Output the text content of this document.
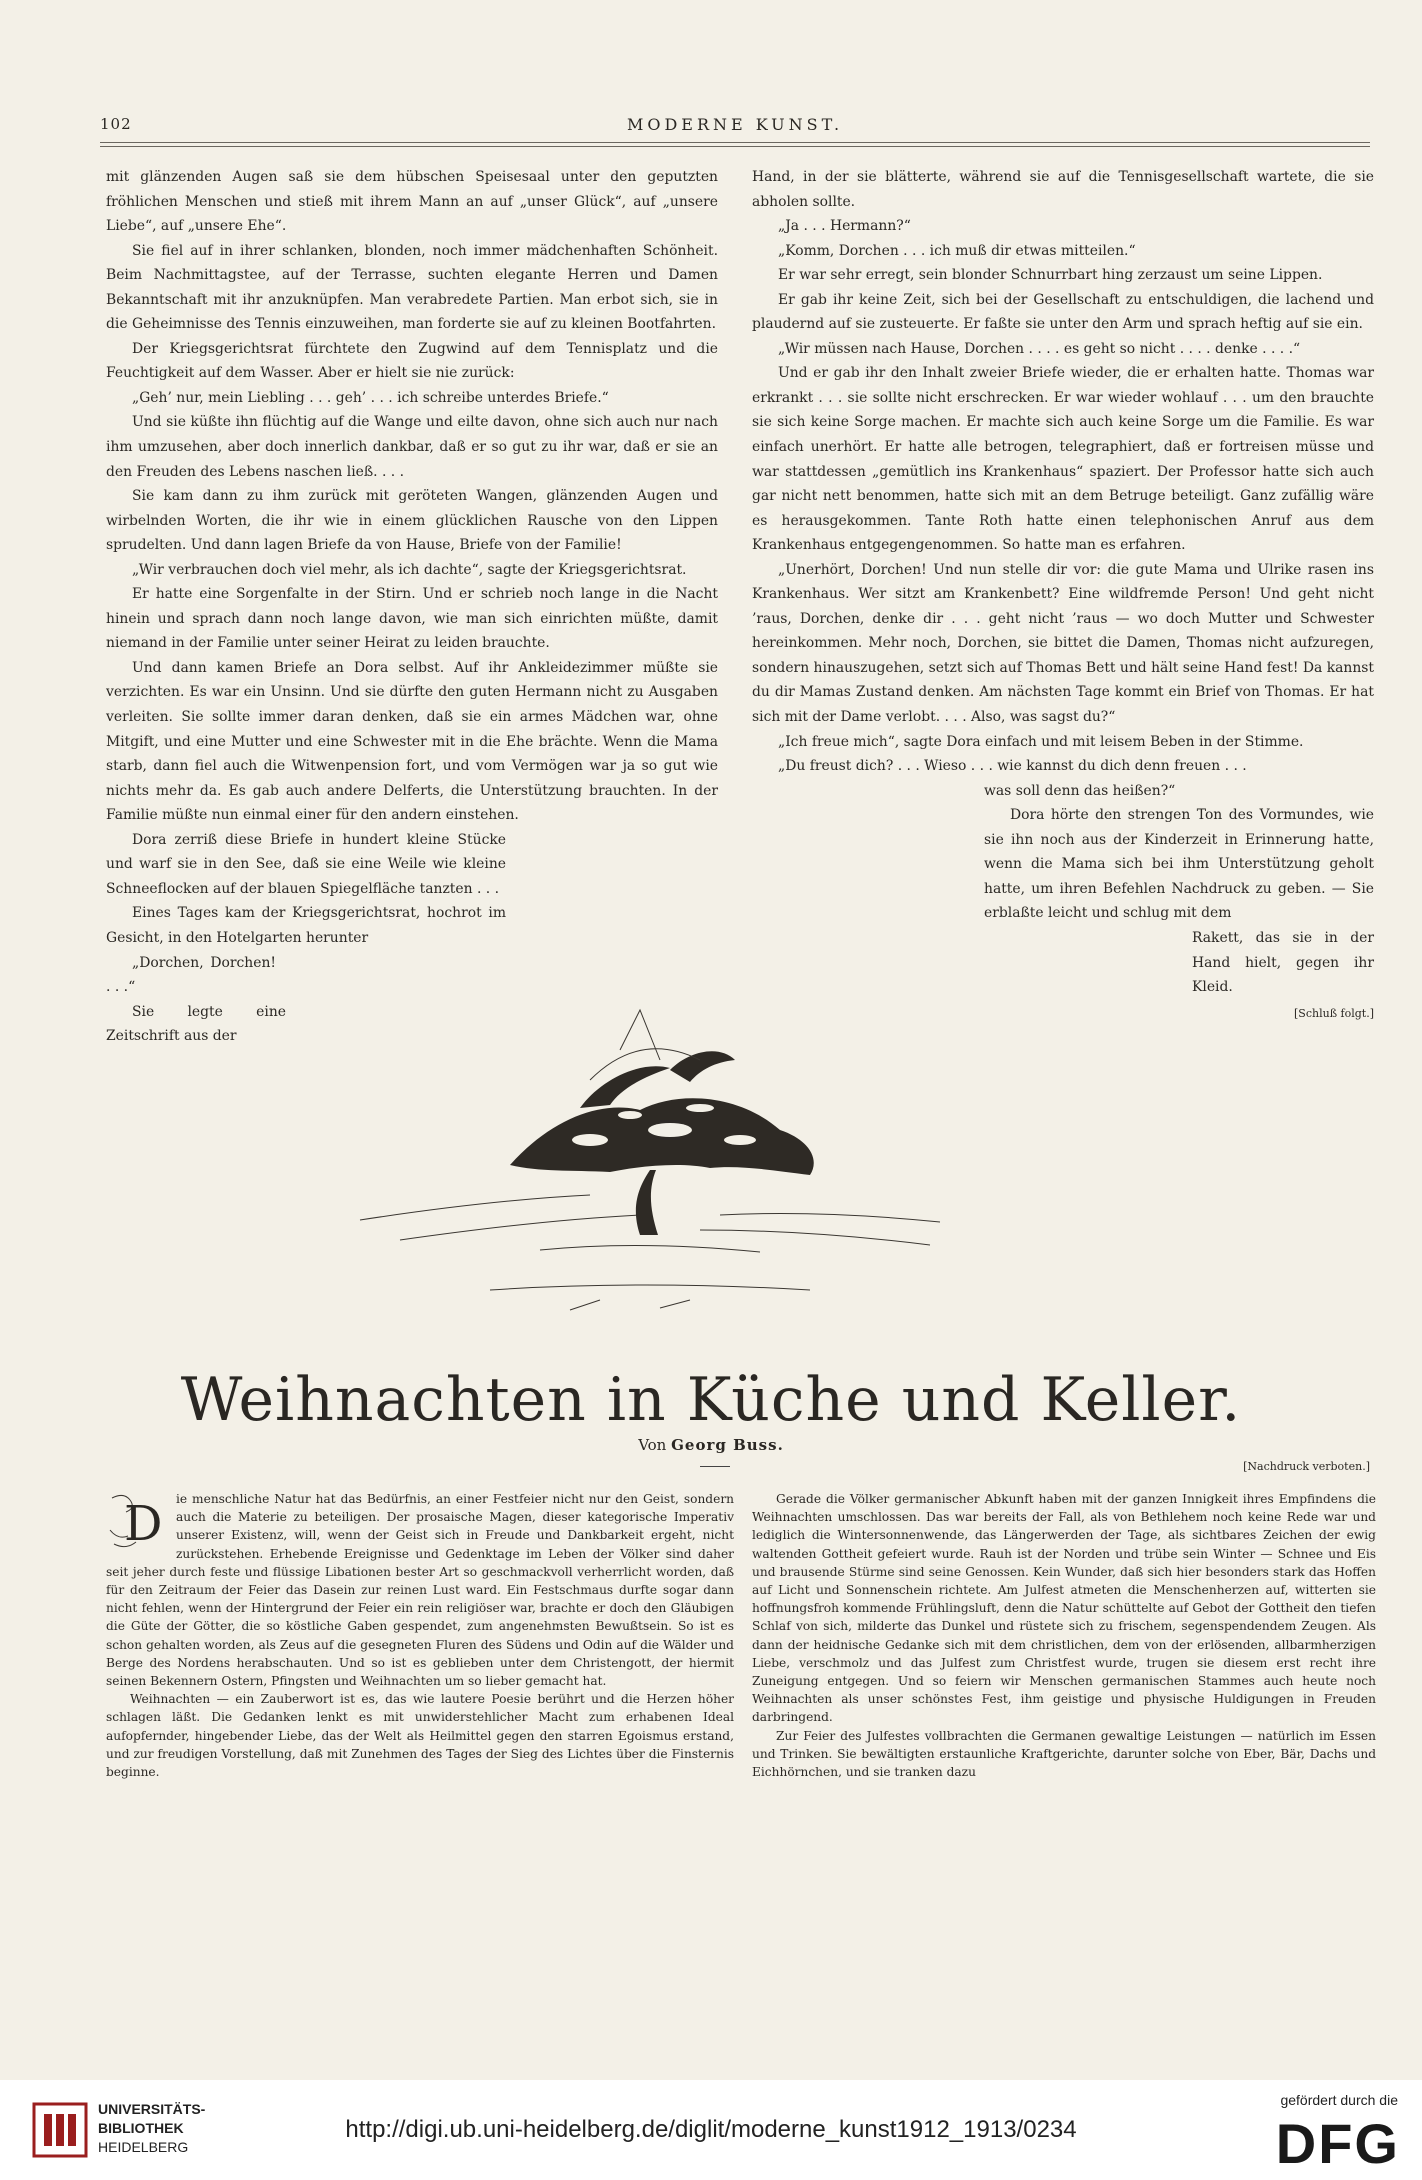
102	MODERNE KUNST.

mit glänzenden Augen saß sie dem hübschen Speisesaal unter den geputzten fröhlichen Menschen und stieß mit ihrem Mann an auf „unser Glück“, auf „unsere Liebe“, auf „unsere Ehe“.

Sie fiel auf in ihrer schlanken, blonden, noch immer mädchenhaften Schönheit. Beim Nachmittagstee, auf der Terrasse, suchten elegante Herren und Damen Bekanntschaft mit ihr anzuknüpfen. Man verabredete Partien. Man erbot sich, sie in die Geheimnisse des Tennis einzuweihen, man forderte sie auf zu kleinen Bootfahrten.

Der Kriegsgerichtsrat fürchtete den Zugwind auf dem Tennisplatz und die Feuchtigkeit auf dem Wasser. Aber er hielt sie nie zurück:

„Geh’ nur, mein Liebling . . . geh’ . . . ich schreibe unterdes Briefe.“

Und sie küßte ihn flüchtig auf die Wange und eilte davon, ohne sich auch nur nach ihm umzusehen, aber doch innerlich dankbar, daß er so gut zu ihr war, daß er sie an den Freuden des Lebens naschen ließ. . . .

Sie kam dann zu ihm zurück mit geröteten Wangen, glänzenden Augen und wirbelnden Worten, die ihr wie in einem glücklichen Rausche von den Lippen sprudelten. Und dann lagen Briefe da von Hause, Briefe von der Familie!

„Wir verbrauchen doch viel mehr, als ich dachte“, sagte der Kriegsgerichtsrat.

Er hatte eine Sorgenfalte in der Stirn. Und er schrieb noch lange in die Nacht hinein und sprach dann noch lange davon, wie man sich einrichten müßte, damit niemand in der Familie unter seiner Heirat zu leiden brauchte.

Und dann kamen Briefe an Dora selbst. Auf ihr Ankleidezimmer müßte sie verzichten. Es war ein Unsinn. Und sie dürfte den guten Hermann nicht zu Ausgaben verleiten. Sie sollte immer daran denken, daß sie ein armes Mädchen war, ohne Mitgift, und eine Mutter und eine Schwester mit in die Ehe brächte. Wenn die Mama starb, dann fiel auch die Witwenpension fort, und vom Vermögen war ja so gut wie nichts mehr da. Es gab auch andere Delferts, die Unterstützung brauchten. In der Familie müßte nun einmal einer für den andern einstehen.

Dora zerriß diese Briefe in hundert kleine Stücke und warf sie in den See, daß sie eine Weile wie kleine Schneeflocken auf der blauen Spiegelfläche tanzten . . .

Eines Tages kam der Kriegsgerichtsrat, hochrot im Gesicht, in den Hotelgarten herunter

„Dorchen, Dorchen! . . .“

Sie legte eine Zeitschrift aus der

Hand, in der sie blätterte, während sie auf die Tennisgesellschaft wartete, die sie abholen sollte.

„Ja . . . Hermann?“

„Komm, Dorchen . . . ich muß dir etwas mitteilen.“

Er war sehr erregt, sein blonder Schnurrbart hing zerzaust um seine Lippen.

Er gab ihr keine Zeit, sich bei der Gesellschaft zu entschuldigen, die lachend und plaudernd auf sie zusteuerte. Er faßte sie unter den Arm und sprach heftig auf sie ein.

„Wir müssen nach Hause, Dorchen . . . . es geht so nicht . . . . denke . . . .“

Und er gab ihr den Inhalt zweier Briefe wieder, die er erhalten hatte. Thomas war erkrankt . . . sie sollte nicht erschrecken. Er war wieder wohlauf . . . um den brauchte sie sich keine Sorge machen. Er machte sich auch keine Sorge um die Familie. Es war einfach unerhört. Er hatte alle betrogen, telegraphiert, daß er fortreisen müsse und war stattdessen „gemütlich ins Krankenhaus“ spaziert. Der Professor hatte sich auch gar nicht nett benommen, hatte sich mit an dem Betruge beteiligt. Ganz zufällig wäre es herausgekommen. Tante Roth hatte einen telephonischen Anruf aus dem Krankenhaus entgegengenommen. So hatte man es erfahren.

„Unerhört, Dorchen! Und nun stelle dir vor: die gute Mama und Ulrike rasen ins Krankenhaus. Wer sitzt am Krankenbett? Eine wildfremde Person! Und geht nicht ’raus, Dorchen, denke dir . . . geht nicht ’raus — wo doch Mutter und Schwester hereinkommen. Mehr noch, Dorchen, sie bittet die Damen, Thomas nicht aufzuregen, sondern hinauszugehen, setzt sich auf Thomas Bett und hält seine Hand fest! Da kannst du dir Mamas Zustand denken. Am nächsten Tage kommt ein Brief von Thomas. Er hat sich mit der Dame verlobt. . . . Also, was sagst du?“

„Ich freue mich“, sagte Dora einfach und mit leisem Beben in der Stimme.

„Du freust dich? . . . Wieso . . . wie kannst du dich denn freuen . . .

was soll denn das heißen?“

Dora hörte den strengen Ton des Vormundes, wie sie ihn noch aus der Kinderzeit in Erinnerung hatte, wenn die Mama sich bei ihm Unterstützung geholt hatte, um ihren Befehlen Nachdruck zu geben. — Sie erblaßte leicht und schlug mit dem

Rakett, das sie in der Hand hielt, gegen ihr Kleid.

[Schluß folgt.]

Weihnachten in Küche und Keller.
Von Georg Buss.
[Nachdruck verboten.]
D	ie menschliche Natur hat das Bedürfnis, an einer Festfeier nicht nur den Geist, sondern auch die Materie zu beteiligen. Der prosaische Magen, dieser kategorische Imperativ unserer Existenz, will, wenn der Geist sich in Freude und Dankbarkeit ergeht, nicht zurückstehen. Erhebende Ereignisse und Gedenktage im Leben der Völker sind daher seit jeher durch feste und flüssige Libationen bester Art so geschmackvoll verherrlicht worden, daß für den Zeitraum der Feier das Dasein zur reinen Lust ward. Ein Festschmaus durfte sogar dann nicht fehlen, wenn der Hintergrund der Feier ein rein religiöser war, brachte er doch den Gläubigen die Güte der Götter, die so köstliche Gaben gespendet, zum angenehmsten Bewußtsein. So ist es schon gehalten worden, als Zeus auf die gesegneten Fluren des Südens und Odin auf die Wälder und Berge des Nordens herabschauten. Und so ist es geblieben unter dem Christengott, der hiermit seinen Bekennern Ostern, Pfingsten und Weihnachten um so lieber gemacht hat.

Weihnachten — ein Zauberwort ist es, das wie lautere Poesie berührt und die Herzen höher schlagen läßt. Die Gedanken lenkt es mit unwiderstehlicher Macht zum erhabenen Ideal aufopfernder, hingebender Liebe, das der Welt als Heilmittel gegen den starren Egoismus erstand, und zur freudigen Vorstellung, daß mit Zunehmen des Tages der Sieg des Lichtes über die Finsternis beginne.

Gerade die Völker germanischer Abkunft haben mit der ganzen Innigkeit ihres Empfindens die Weihnachten umschlossen. Das war bereits der Fall, als von Bethlehem noch keine Rede war und lediglich die Wintersonnenwende, das Längerwerden der Tage, als sichtbares Zeichen der ewig waltenden Gottheit gefeiert wurde. Rauh ist der Norden und trübe sein Winter — Schnee und Eis und brausende Stürme sind seine Genossen. Kein Wunder, daß sich hier besonders stark das Hoffen auf Licht und Sonnenschein richtete. Am Julfest atmeten die Menschenherzen auf, witterten sie hoffnungsfroh kommende Frühlingsluft, denn die Natur schüttelte auf Gebot der Gottheit den tiefen Schlaf von sich, milderte das Dunkel und rüstete sich zu frischem, segenspendendem Zeugen. Als dann der heidnische Gedanke sich mit dem christlichen, dem von der erlösenden, allbarmherzigen Liebe, verschmolz und das Julfest zum Christfest wurde, trugen sie diesem erst recht ihre Zuneigung entgegen. Und so feiern wir Menschen germanischen Stammes auch heute noch Weihnachten als unser schönstes Fest, ihm geistige und physische Huldigungen in Freuden darbringend.

Zur Feier des Julfestes vollbrachten die Germanen gewaltige Leistungen — natürlich im Essen und Trinken. Sie bewältigten erstaunliche Kraftgerichte, darunter solche von Eber, Bär, Dachs und Eichhörnchen, und sie tranken dazu

UNIVERSITÄTS-
BIBLIOTHEK
HEIDELBERG
http://digi.ub.uni-heidelberg.de/diglit/moderne_kunst1912_1913/0234
gefördert durch die
DFG
